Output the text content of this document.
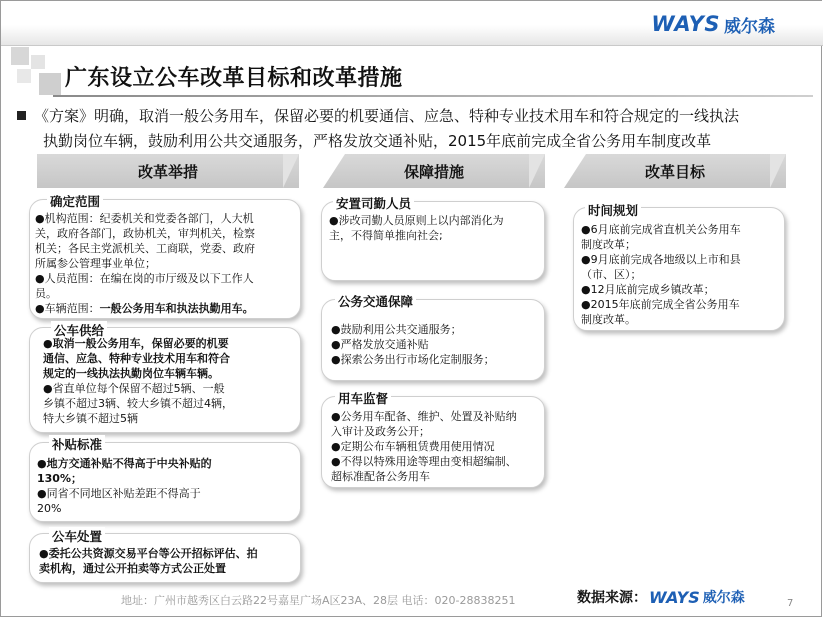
WAYS 威尔森
广东设立公车改革目标和改革措施
《方案》明确，取消一般公务用车，保留必要的机要通信、应急、特种专业技术用车和符合规定的一线执法
执勤岗位车辆，鼓励利用公共交通服务，严格发放交通补贴，2015年底前完成全省公务用车制度改革
改革举措	保障措施	改革目标
确定范围

●机构范围：纪委机关和党委各部门，人大机

关，政府各部门，政协机关，审判机关，检察

机关；各民主党派机关、工商联，党委、政府

所属参公管理事业单位；

●人员范围：在编在岗的市厅级及以下工作人

员。

●车辆范围：一般公务用车和执法执勤用车。

公车供给

●取消一般公务用车，保留必要的机要

通信、应急、特种专业技术用车和符合

规定的一线执法执勤岗位车辆车辆。

●省直单位每个保留不超过5辆、一般

乡镇不超过3辆、较大乡镇不超过4辆，

特大乡镇不超过5辆

补贴标准

●地方交通补贴不得高于中央补贴的

130%；

●同省不同地区补贴差距不得高于

20%

公车处置

●委托公共资源交易平台等公开招标评估、拍

卖机构，通过公开拍卖等方式公正处置

安置司勤人员

●涉改司勤人员原则上以内部消化为

主，不得简单推向社会;

公务交通保障

●鼓励利用公共交通服务；

●严格发放交通补贴

●探索公务出行市场化定制服务；

用车监督

●公务用车配备、维护、处置及补贴纳

入审计及政务公开；

●定期公布车辆租赁费用使用情况

●不得以特殊用途等理由变相超编制、

超标准配备公务用车

时间规划

●6月底前完成省直机关公务用车

制度改革；

●9月底前完成各地级以上市和县

（市、区）；

●12月底前完成乡镇改革；

●2015年底前完成全省公务用车

制度改革。

地址：广州市越秀区白云路22号嘉星广场A区23A、28层 电话：020-28838251	数据来源： WAYS 威尔森	7
